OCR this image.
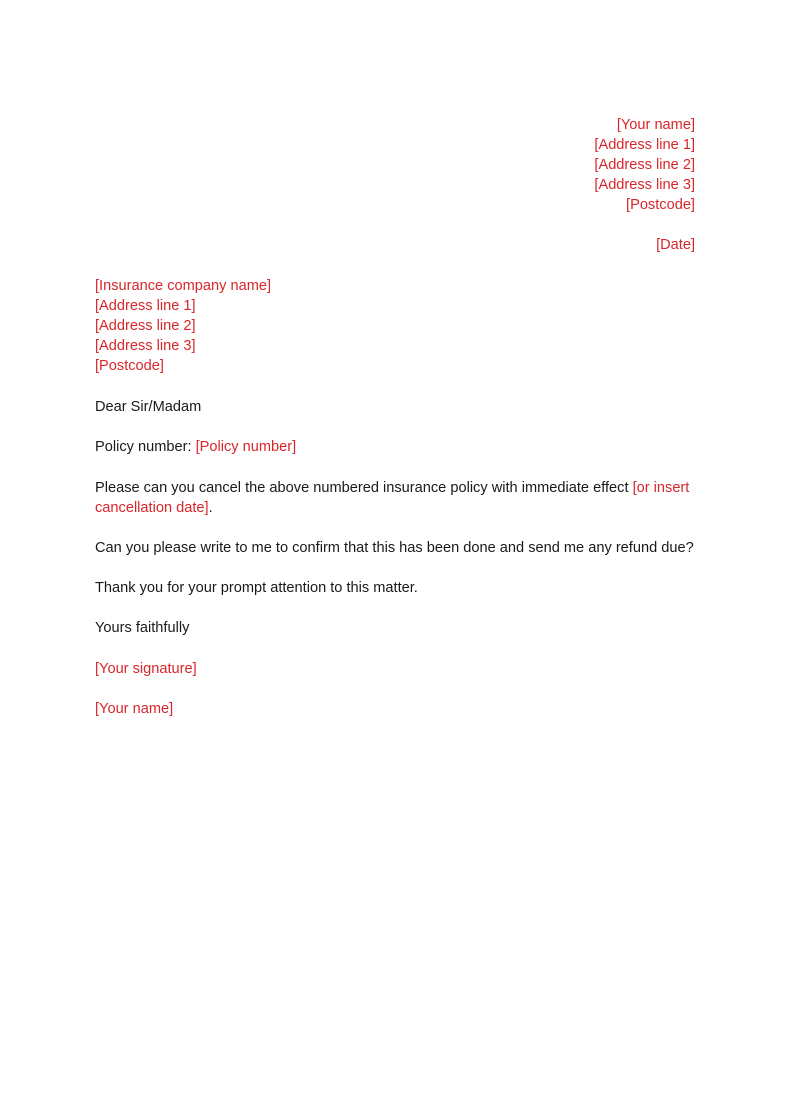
[Your name]
[Address line 1]
[Address line 2]
[Address line 3]
[Postcode]
[Date]
[Insurance company name]
[Address line 1]
[Address line 2]
[Address line 3]
[Postcode]
Dear Sir/Madam
Policy number: [Policy number]
Please can you cancel the above numbered insurance policy with immediate effect [or insert cancellation date].
Can you please write to me to confirm that this has been done and send me any refund due?
Thank you for your prompt attention to this matter.
Yours faithfully
[Your signature]
[Your name]
